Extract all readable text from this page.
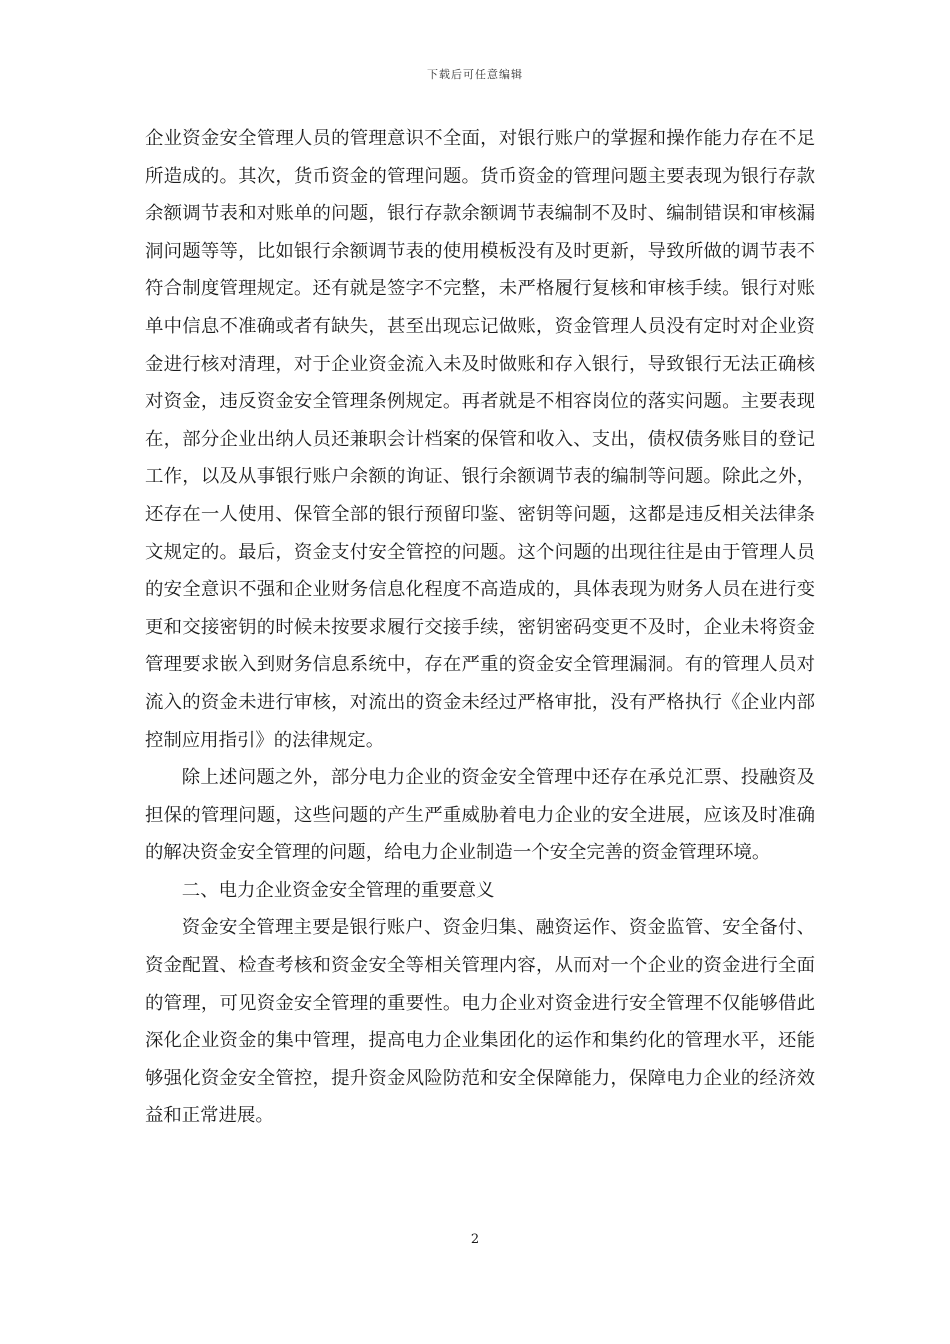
下载后可任意编辑

企业资金安全管理人员的管理意识不全面，对银行账户的掌握和操作能力存在不足所造成的。其次，货币资金的管理问题。货币资金的管理问题主要表现为银行存款余额调节表和对账单的问题，银行存款余额调节表编制不及时、编制错误和审核漏洞问题等等，比如银行余额调节表的使用模板没有及时更新，导致所做的调节表不符合制度管理规定。还有就是签字不完整，未严格履行复核和审核手续。银行对账单中信息不准确或者有缺失，甚至出现忘记做账，资金管理人员没有定时对企业资金进行核对清理，对于企业资金流入未及时做账和存入银行，导致银行无法正确核对资金，违反资金安全管理条例规定。再者就是不相容岗位的落实问题。主要表现在，部分企业出纳人员还兼职会计档案的保管和收入、支出，债权债务账目的登记工作，以及从事银行账户余额的询证、银行余额调节表的编制等问题。除此之外，还存在一人使用、保管全部的银行预留印鉴、密钥等问题，这都是违反相关法律条文规定的。最后，资金支付安全管控的问题。这个问题的出现往往是由于管理人员的安全意识不强和企业财务信息化程度不高造成的，具体表现为财务人员在进行变更和交接密钥的时候未按要求履行交接手续，密钥密码变更不及时，企业未将资金管理要求嵌入到财务信息系统中，存在严重的资金安全管理漏洞。有的管理人员对流入的资金未进行审核，对流出的资金未经过严格审批，没有严格执行《企业内部控制应用指引》的法律规定。

除上述问题之外，部分电力企业的资金安全管理中还存在承兑汇票、投融资及担保的管理问题，这些问题的产生严重威胁着电力企业的安全进展，应该及时准确的解决资金安全管理的问题，给电力企业制造一个安全完善的资金管理环境。

二、电力企业资金安全管理的重要意义

资金安全管理主要是银行账户、资金归集、融资运作、资金监管、安全备付、资金配置、检查考核和资金安全等相关管理内容，从而对一个企业的资金进行全面的管理，可见资金安全管理的重要性。电力企业对资金进行安全管理不仅能够借此深化企业资金的集中管理，提高电力企业集团化的运作和集约化的管理水平，还能够强化资金安全管控，提升资金风险防范和安全保障能力，保障电力企业的经济效益和正常进展。

2
